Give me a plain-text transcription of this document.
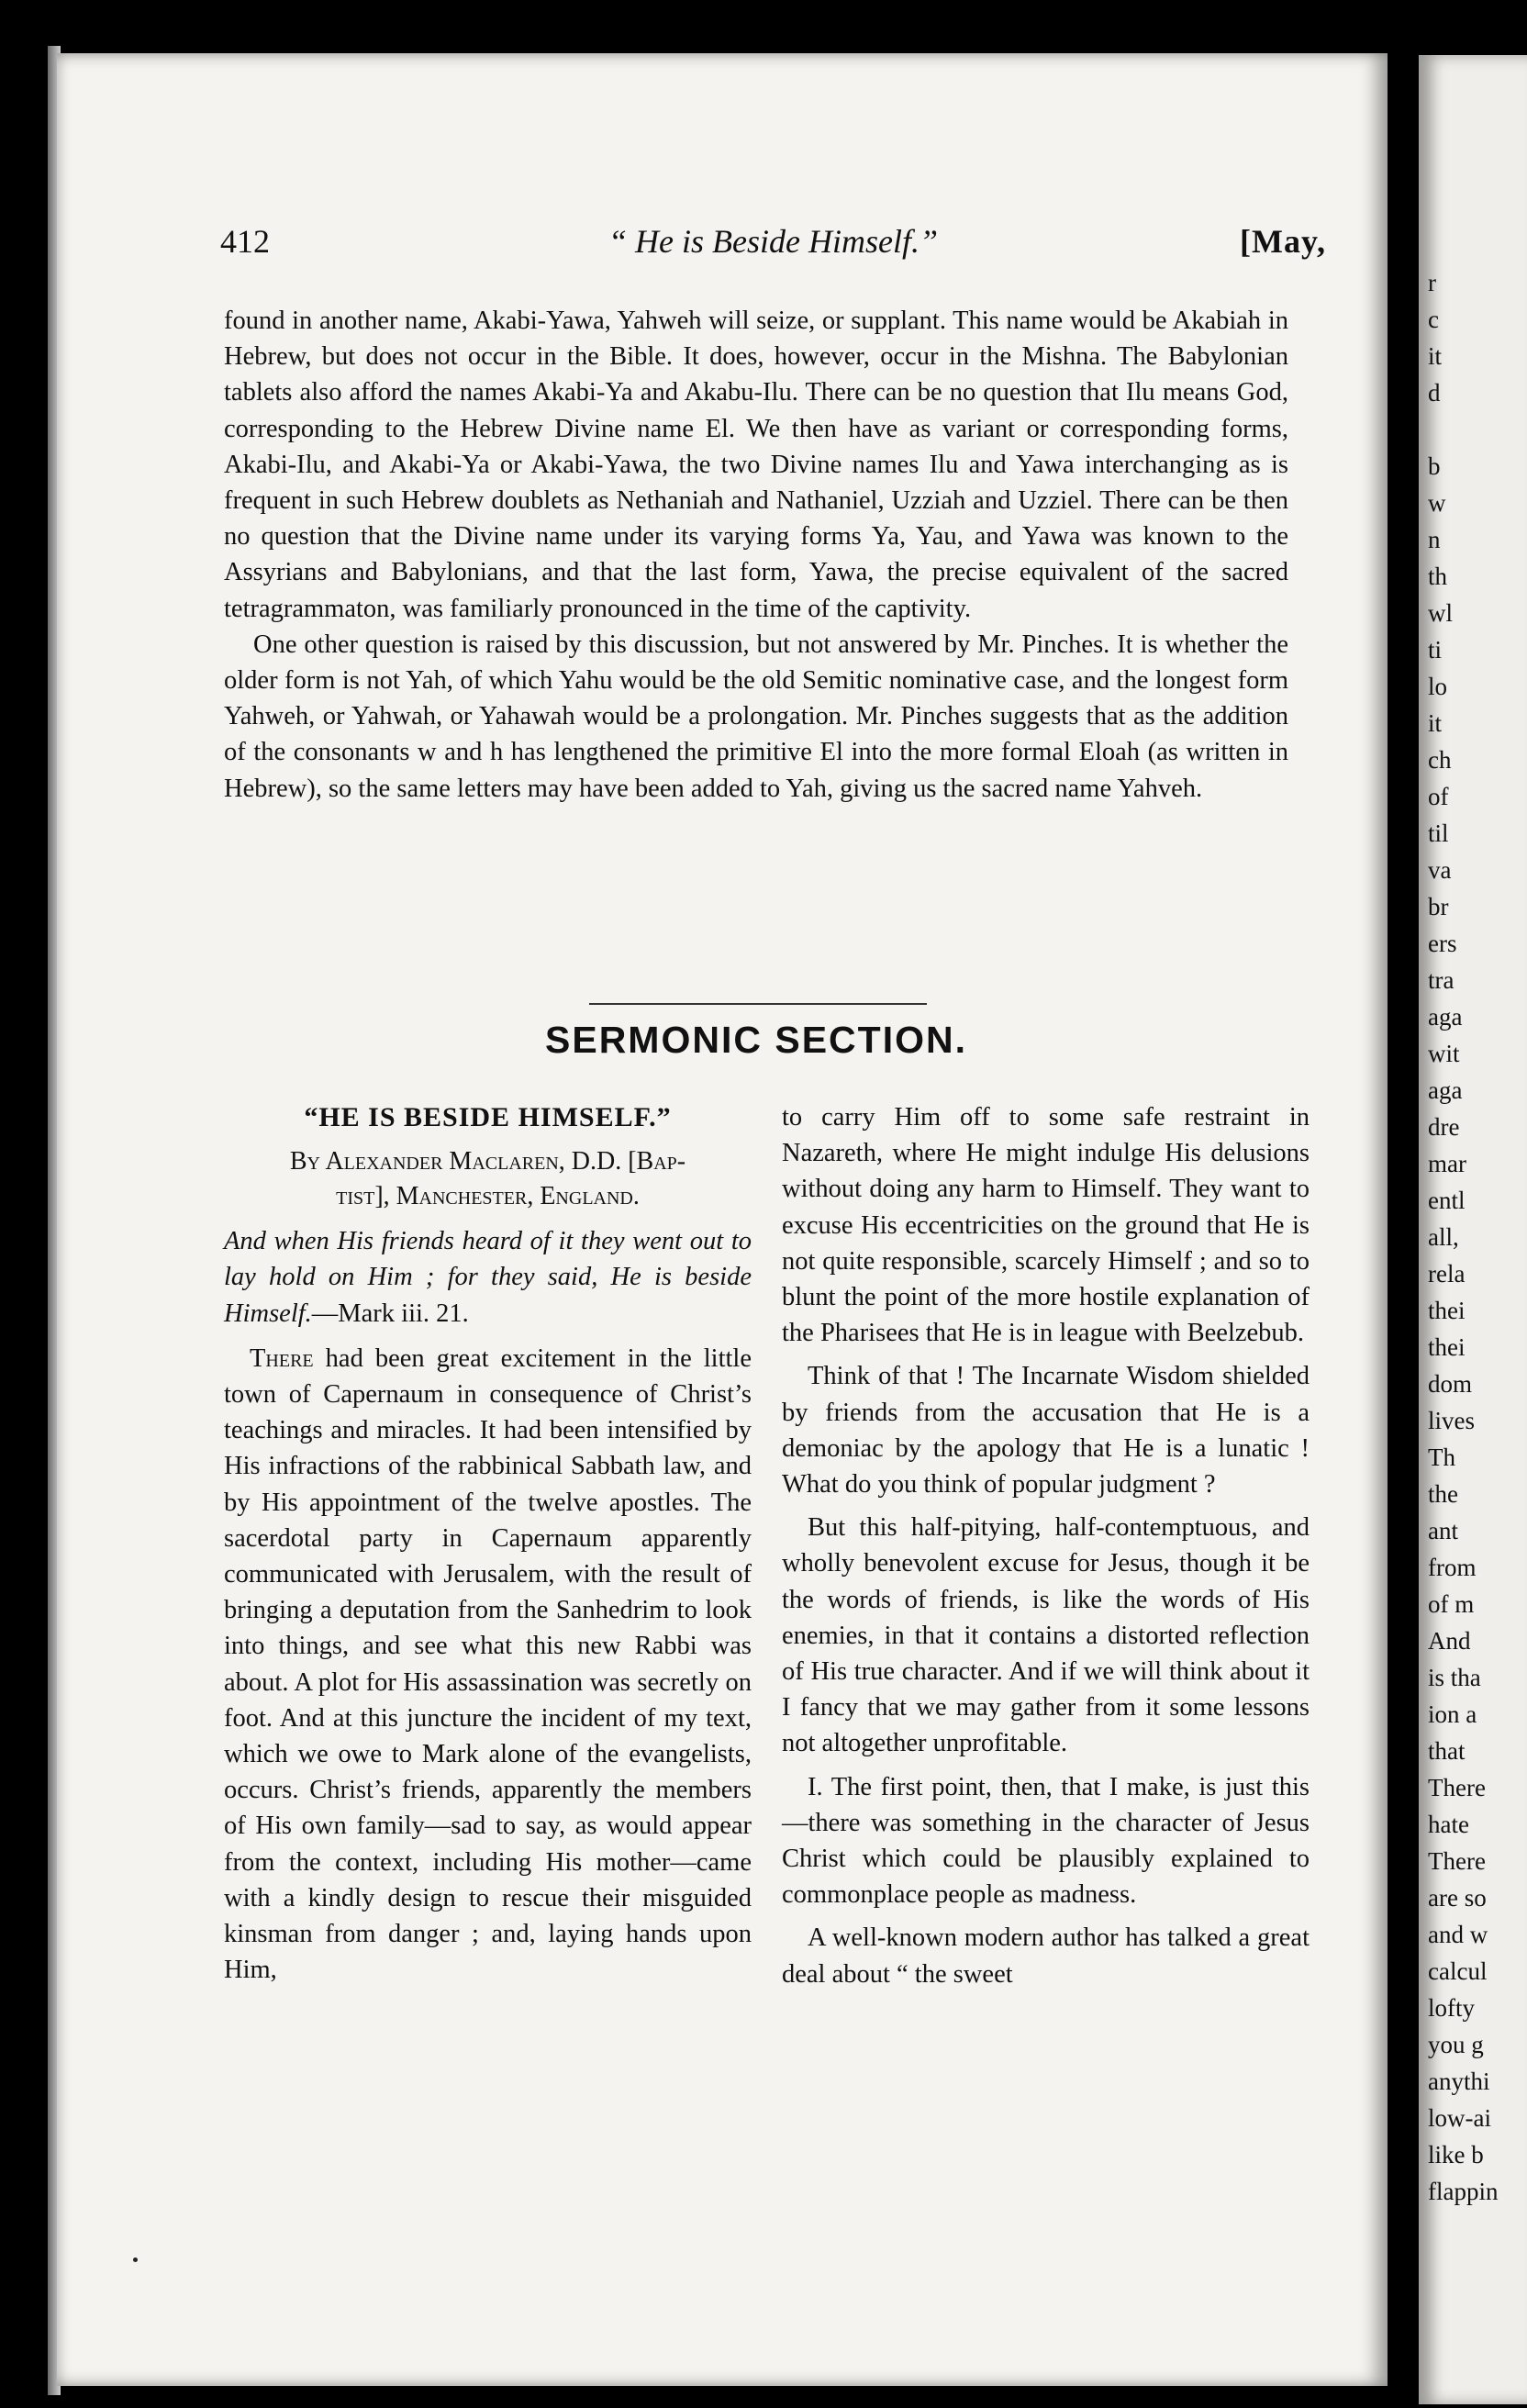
r
c
it
d

b
w
n
th
wl
ti
lo
it
ch
of
til
va
br
ers
tra
aga
wit
aga
dre
mar
entl
all,
rela
thei
thei
dom
lives
Th
the
ant
from
of m
And
is tha
ion a
that
There
hate
There
are so
and w
calcul
lofty
you g
anythi
low-ai
like b
flappin
412	“ He is Beside Himself.”	[May,

found in another name, Akabi-Yawa, Yahweh will seize, or supplant. This name would be Akabiah in Hebrew, but does not occur in the Bible. It does, however, occur in the Mishna. The Babylonian tablets also afford the names Akabi-Ya and Akabu-Ilu. There can be no question that Ilu means God, corresponding to the Hebrew Divine name El. We then have as variant or corresponding forms, Akabi-Ilu, and Akabi-Ya or Akabi-Yawa, the two Divine names Ilu and Yawa interchanging as is frequent in such Hebrew doublets as Nethaniah and Nathaniel, Uzziah and Uzziel. There can be then no question that the Divine name under its varying forms Ya, Yau, and Yawa was known to the Assyrians and Babylonians, and that the last form, Yawa, the precise equivalent of the sacred tetragrammaton, was familiarly pronounced in the time of the captivity.

One other question is raised by this discussion, but not answered by Mr. Pinches. It is whether the older form is not Yah, of which Yahu would be the old Semitic nominative case, and the longest form Yahweh, or Yahwah, or Yahawah would be a prolongation. Mr. Pinches suggests that as the addition of the consonants w and h has lengthened the primitive El into the more formal Eloah (as written in Hebrew), so the same letters may have been added to Yah, giving us the sacred name Yahveh.

SERMONIC SECTION.
“HE IS BESIDE HIMSELF.”
By Alexander Maclaren, D.D. [Bap-
tist], Manchester, England.

And when His friends heard of it they went out to lay hold on Him ; for they said, He is beside Himself.—Mark iii. 21.

There had been great excitement in the little town of Capernaum in consequence of Christ’s teachings and miracles. It had been intensified by His infractions of the rabbinical Sabbath law, and by His appointment of the twelve apostles. The sacerdotal party in Capernaum apparently communicated with Jerusalem, with the result of bringing a deputation from the Sanhedrim to look into things, and see what this new Rabbi was about. A plot for His assassination was secretly on foot. And at this juncture the incident of my text, which we owe to Mark alone of the evangelists, occurs. Christ’s friends, apparently the members of His own family—sad to say, as would appear from the context, including His mother—came with a kindly design to rescue their misguided kinsman from danger ; and, laying hands upon Him,

to carry Him off to some safe restraint in Nazareth, where He might indulge His delusions without doing any harm to Himself. They want to excuse His eccentricities on the ground that He is not quite responsible, scarcely Himself ; and so to blunt the point of the more hostile explanation of the Pharisees that He is in league with Beelzebub.

Think of that ! The Incarnate Wisdom shielded by friends from the accusation that He is a demoniac by the apology that He is a lunatic ! What do you think of popular judgment ?

But this half-pitying, half-contemptuous, and wholly benevolent excuse for Jesus, though it be the words of friends, is like the words of His enemies, in that it contains a distorted reflection of His true character. And if we will think about it I fancy that we may gather from it some lessons not altogether unprofitable.

I. The first point, then, that I make, is just this—there was something in the character of Jesus Christ which could be plausibly explained to commonplace people as madness.

A well-known modern author has talked a great deal about “ the sweet
